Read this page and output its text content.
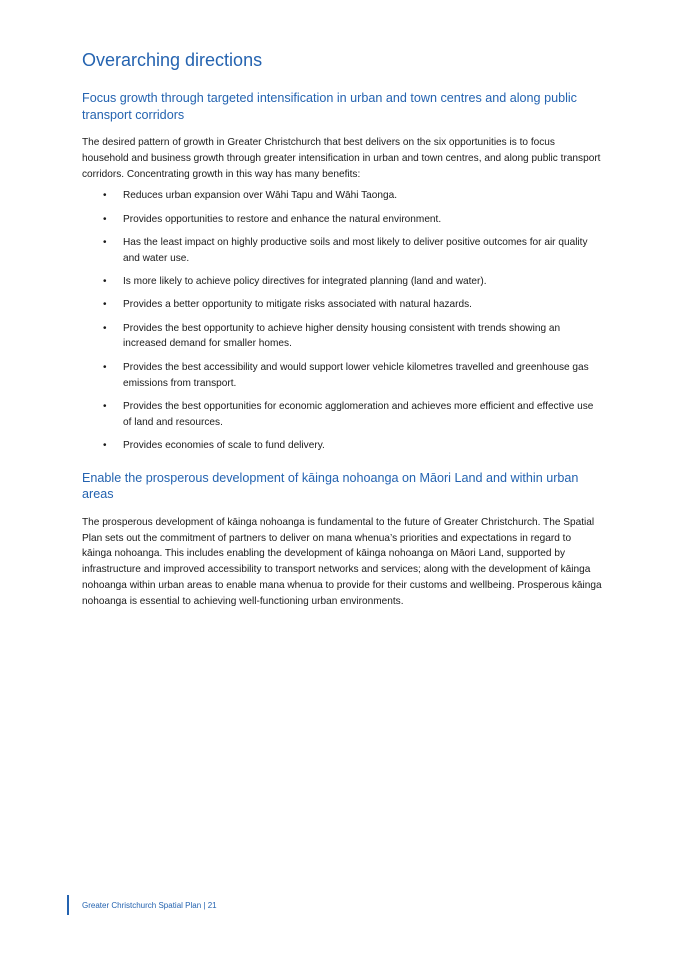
Overarching directions
Focus growth through targeted intensification in urban and town centres and along public transport corridors

The desired pattern of growth in Greater Christchurch that best delivers on the six opportunities is to focus household and business growth through greater intensification in urban and town centres, and along public transport corridors. Concentrating growth in this way has many benefits:

• Reduces urban expansion over Wāhi Tapu and Wāhi Taonga.
• Provides opportunities to restore and enhance the natural environment.
• Has the least impact on highly productive soils and most likely to deliver positive outcomes for air quality and water use.
• Is more likely to achieve policy directives for integrated planning (land and water).
• Provides a better opportunity to mitigate risks associated with natural hazards.
• Provides the best opportunity to achieve higher density housing consistent with trends showing an increased demand for smaller homes.
• Provides the best accessibility and would support lower vehicle kilometres travelled and greenhouse gas emissions from transport.
• Provides the best opportunities for economic agglomeration and achieves more efficient and effective use of land and resources.
• Provides economies of scale to fund delivery.
Enable the prosperous development of kāinga nohoanga on Māori Land and within urban areas

The prosperous development of kāinga nohoanga is fundamental to the future of Greater Christchurch. The Spatial Plan sets out the commitment of partners to deliver on mana whenua’s priorities and expectations in regard to kāinga nohoanga. This includes enabling the development of kāinga nohoanga on Māori Land, supported by infrastructure and improved accessibility to transport networks and services; along with the development of kāinga nohoanga within urban areas to enable mana whenua to provide for their customs and wellbeing. Prosperous kāinga nohoanga is essential to achieving well-functioning urban environments.

Greater Christchurch Spatial Plan | 21
